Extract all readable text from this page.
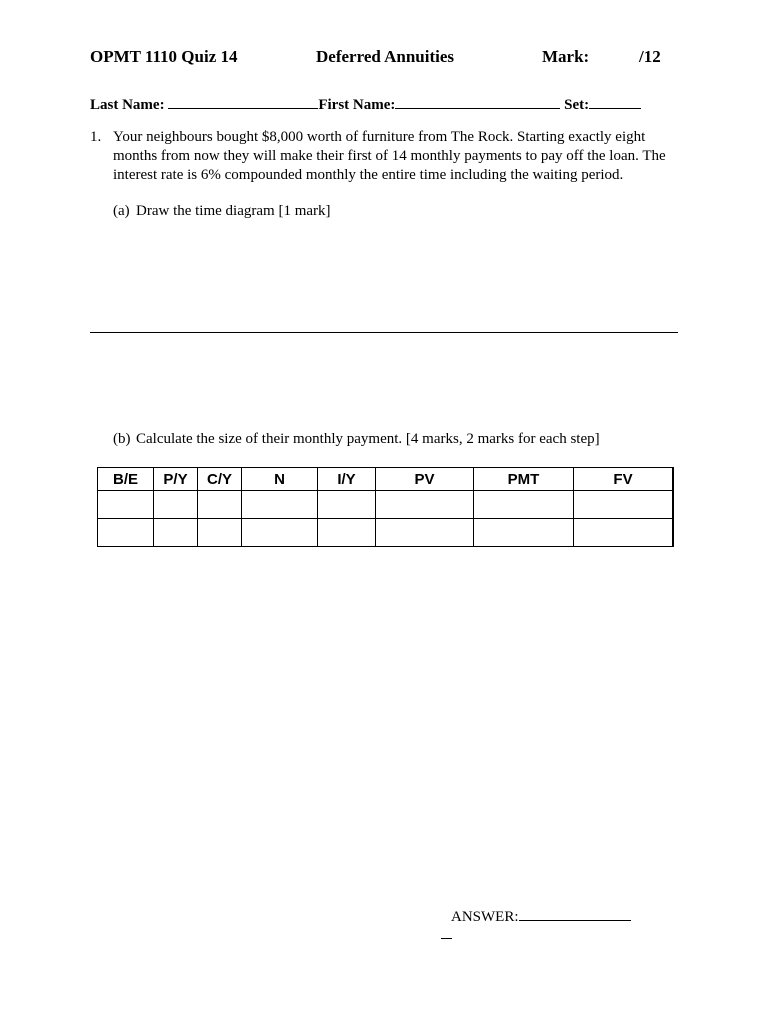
OPMT 1110 Quiz 14	Deferred Annuities	Mark:	/12
Last Name:	First Name:	Set:
1. Your neighbours bought $8,000 worth of furniture from The Rock. Starting exactly eight months from now they will make their first of 14 monthly payments to pay off the loan. The interest rate is 6% compounded monthly the entire time including the waiting period.
(a) Draw the time diagram [1 mark]
(b) Calculate the size of their monthly payment. [4 marks, 2 marks for each step]
B/E	P/Y	C/Y	N	I/Y	PV	PMT	FV

ANSWER:
